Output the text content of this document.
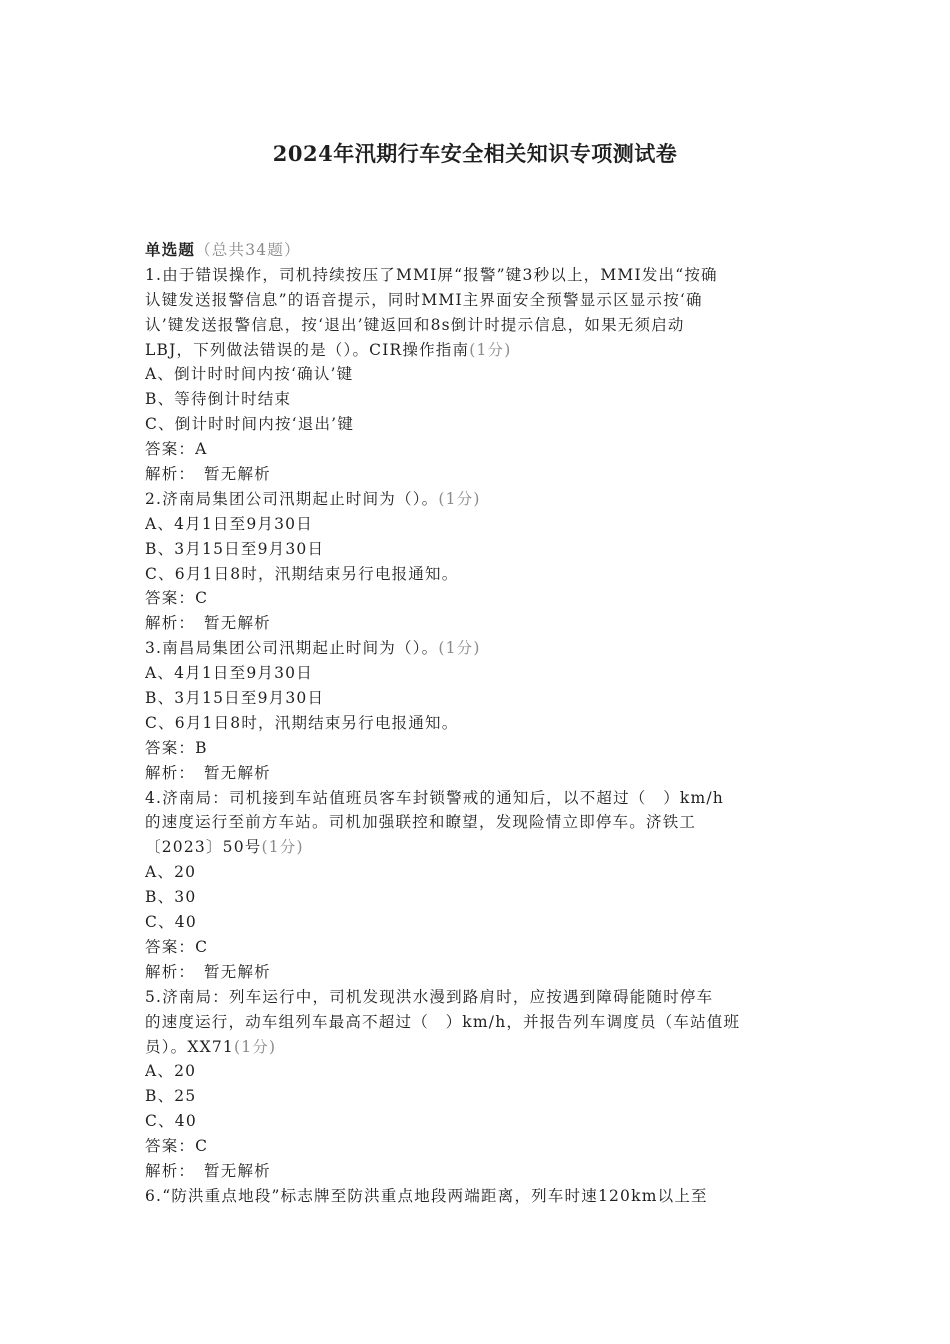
2024年汛期行车安全相关知识专项测试卷
单选题（总共34题）
1.由于错误操作，司机持续按压了MMI屏“报警”键3秒以上，MMI发出“按确
认键发送报警信息”的语音提示，同时MMI主界面安全预警显示区显示按‘确
认’键发送报警信息，按‘退出’键返回和8s倒计时提示信息，如果无须启动
LBJ，下列做法错误的是（）。CIR操作指南(1分)
A、倒计时时间内按‘确认’键
B、等待倒计时结束
C、倒计时时间内按‘退出’键
答案：A
解析：　暂无解析
2.济南局集团公司汛期起止时间为（）。(1分)
A、4月1日至9月30日
B、3月15日至9月30日
C、6月1日8时，汛期结束另行电报通知。
答案：C
解析：　暂无解析
3.南昌局集团公司汛期起止时间为（）。(1分)
A、4月1日至9月30日
B、3月15日至9月30日
C、6月1日8时，汛期结束另行电报通知。
答案：B
解析：　暂无解析
4.济南局：司机接到车站值班员客车封锁警戒的通知后，以不超过（　）km/h
的速度运行至前方车站。司机加强联控和瞭望，发现险情立即停车。济铁工
〔2023〕50号(1分)
A、20
B、30
C、40
答案：C
解析：　暂无解析
5.济南局：列车运行中，司机发现洪水漫到路肩时，应按遇到障碍能随时停车
的速度运行，动车组列车最高不超过（　）km/h，并报告列车调度员（车站值班
员）。XX71(1分)
A、20
B、25
C、40
答案：C
解析：　暂无解析
6.“防洪重点地段”标志牌至防洪重点地段两端距离，列车时速120km以上至
